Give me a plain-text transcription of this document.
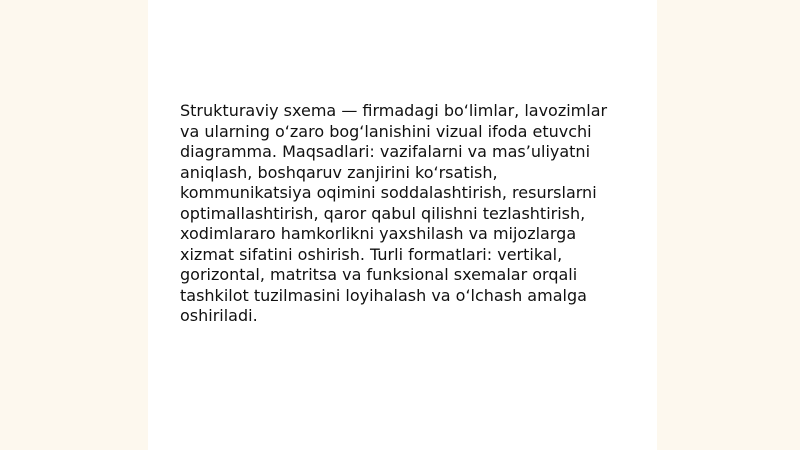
Strukturaviy sxema — firmadagi bo‘limlar, lavozimlar va ularning o‘zaro bog‘lanishini vizual ifoda etuvchi diagramma. Maqsadlari: vazifalarni va mas’uliyatni aniqlash, boshqaruv zanjirini ko‘rsatish, kommunikatsiya oqimini soddalashtirish, resurslarni optimallashtirish, qaror qabul qilishni tezlashtirish, xodimlararo hamkorlikni yaxshilash va mijozlarga xizmat sifatini oshirish. Turli formatlari: vertikal, gorizontal, matritsa va funksional sxemalar orqali tashkilot tuzilmasini loyihalash va o‘lchash amalga oshiriladi.
